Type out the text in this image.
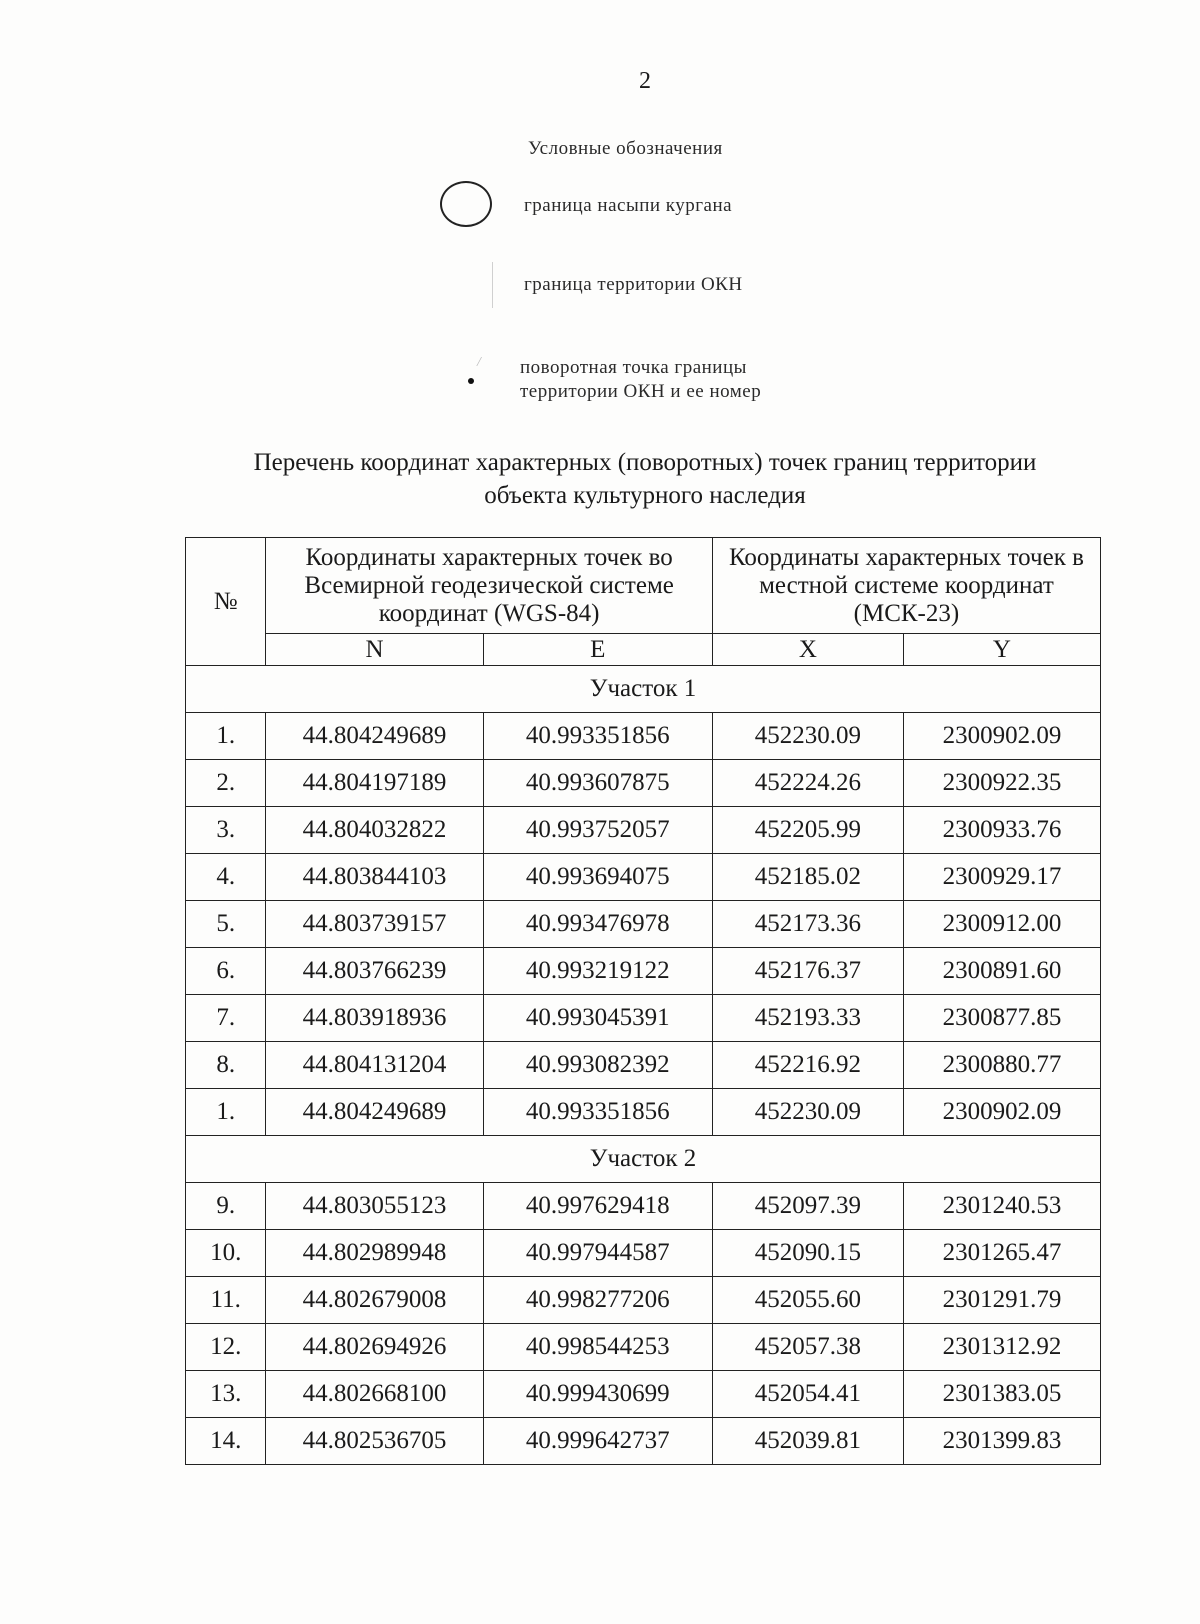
2
Условные обозначения
граница насыпи кургана
граница территории ОКН
/ поворотная точка границы
территории ОКН и ее номер
Перечень координат характерных (поворотных) точек границ территории
объекта культурного наследия
№	Координаты характерных точек во Всемирной геодезической системе координат (WGS-84)		Координаты характерных точек в местной системе координат (МСК-23)	
	N	E	X	Y
Участок 1				
1.	44.804249689	40.993351856	452230.09	2300902.09
2.	44.804197189	40.993607875	452224.26	2300922.35
3.	44.804032822	40.993752057	452205.99	2300933.76
4.	44.803844103	40.993694075	452185.02	2300929.17
5.	44.803739157	40.993476978	452173.36	2300912.00
6.	44.803766239	40.993219122	452176.37	2300891.60
7.	44.803918936	40.993045391	452193.33	2300877.85
8.	44.804131204	40.993082392	452216.92	2300880.77
1.	44.804249689	40.993351856	452230.09	2300902.09
Участок 2				
9.	44.803055123	40.997629418	452097.39	2301240.53
10.	44.802989948	40.997944587	452090.15	2301265.47
11.	44.802679008	40.998277206	452055.60	2301291.79
12.	44.802694926	40.998544253	452057.38	2301312.92
13.	44.802668100	40.999430699	452054.41	2301383.05
14.	44.802536705	40.999642737	452039.81	2301399.83
